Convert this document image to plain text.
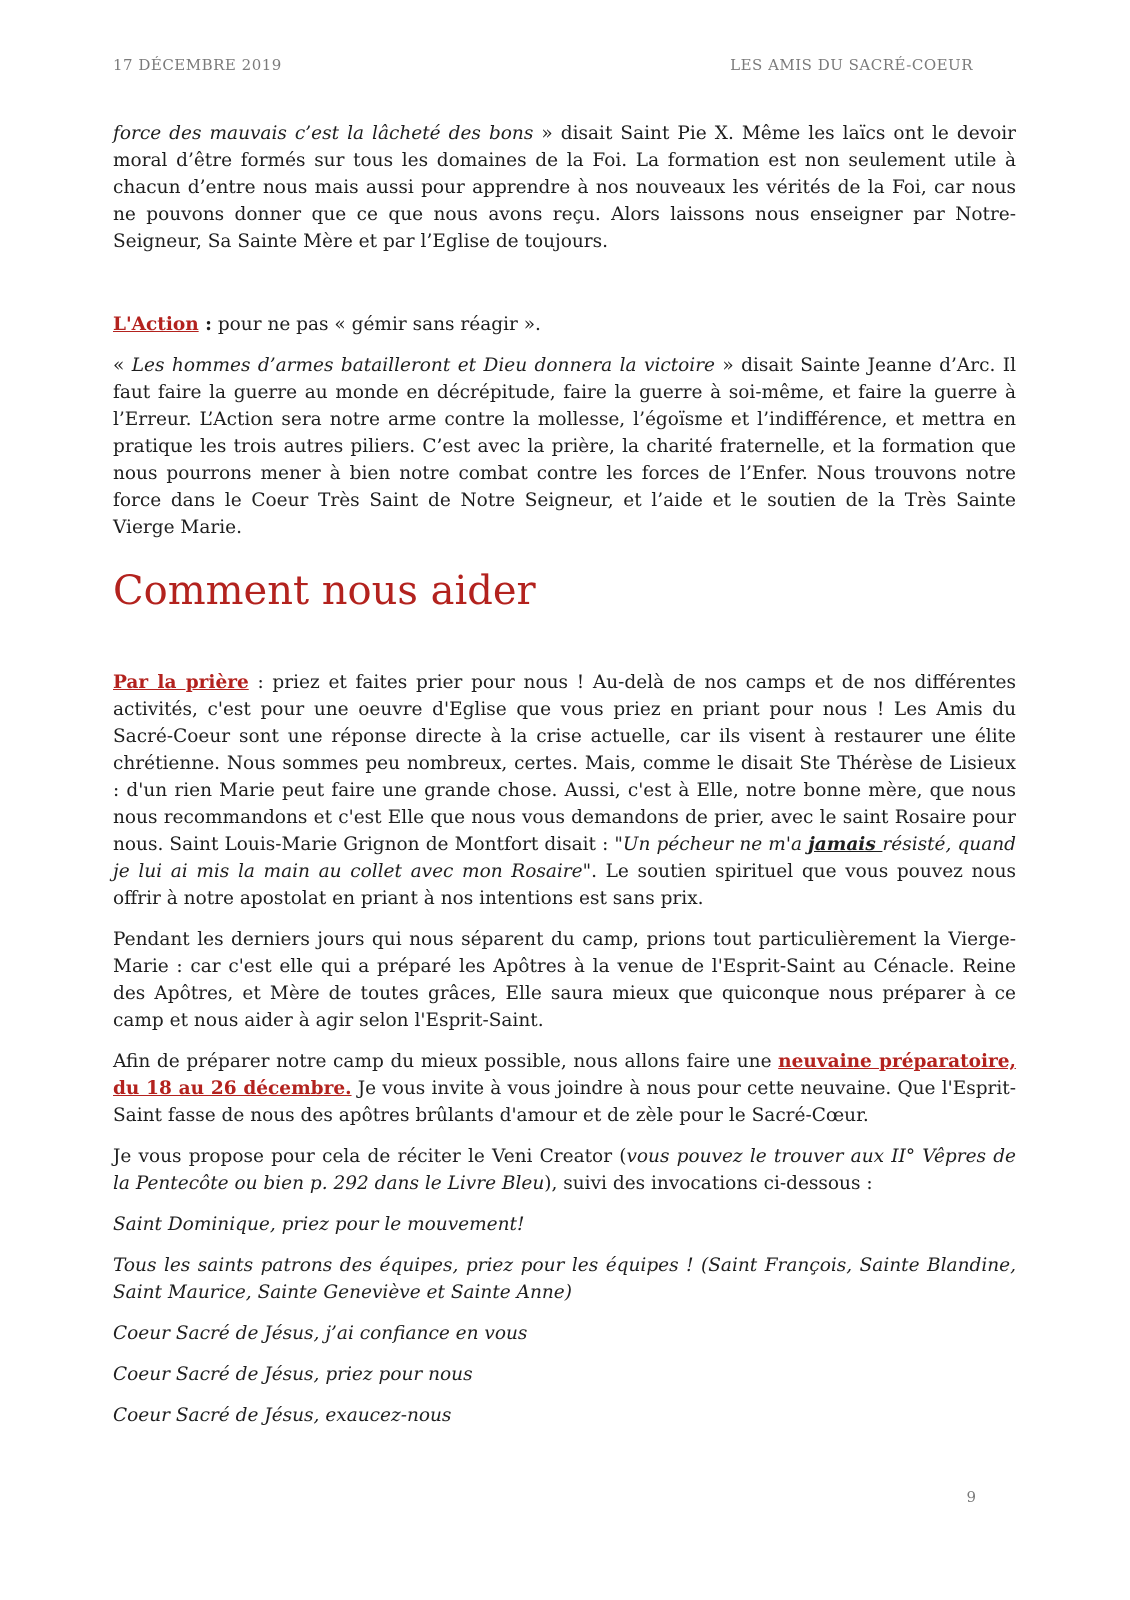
17 DÉCEMBRE 2019	LES AMIS DU SACRÉ-COEUR

force des mauvais c’est la lâcheté des bons » disait Saint Pie X. Même les laïcs ont le devoir moral d’être formés sur tous les domaines de la Foi. La formation est non seulement utile à chacun d’entre nous mais aussi pour apprendre à nos nouveaux les vérités de la Foi, car nous ne pouvons donner que ce que nous avons reçu. Alors laissons nous enseigner par Notre-Seigneur, Sa Sainte Mère et par l’Eglise de toujours.

L'Action : pour ne pas « gémir sans réagir ».

« Les hommes d’armes batailleront et Dieu donnera la victoire » disait Sainte Jeanne d’Arc. Il faut faire la guerre au monde en décrépitude, faire la guerre à soi-même, et faire la guerre à l’Erreur. L’Action sera notre arme contre la mollesse, l’égoïsme et l’indifférence, et mettra en pratique les trois autres piliers. C’est avec la prière, la charité fraternelle, et la formation que nous pourrons mener à bien notre combat contre les forces de l’Enfer. Nous trouvons notre force dans le Coeur Très Saint de Notre Seigneur, et l’aide et le soutien de la Très Sainte Vierge Marie.

Comment nous aider

Par la prière : priez et faites prier pour nous ! Au-delà de nos camps et de nos différentes activités, c'est pour une oeuvre d'Eglise que vous priez en priant pour nous ! Les Amis du Sacré-Coeur sont une réponse directe à la crise actuelle, car ils visent à restaurer une élite chrétienne. Nous sommes peu nombreux, certes. Mais, comme le disait Ste Thérèse de Lisieux : d'un rien Marie peut faire une grande chose. Aussi, c'est à Elle, notre bonne mère, que nous nous recommandons et c'est Elle que nous vous demandons de prier, avec le saint Rosaire pour nous. Saint Louis-Marie Grignon de Montfort disait : "Un pécheur ne m'a jamais résisté, quand je lui ai mis la main au collet avec mon Rosaire". Le soutien spirituel que vous pouvez nous offrir à notre apostolat en priant à nos intentions est sans prix.

Pendant les derniers jours qui nous séparent du camp, prions tout particulièrement la Vierge-Marie : car c'est elle qui a préparé les Apôtres à la venue de l'Esprit-Saint au Cénacle. Reine des Apôtres, et Mère de toutes grâces, Elle saura mieux que quiconque nous préparer à ce camp et nous aider à agir selon l'Esprit-Saint.

Afin de préparer notre camp du mieux possible, nous allons faire une neuvaine préparatoire, du 18 au 26 décembre. Je vous invite à vous joindre à nous pour cette neuvaine. Que l'Esprit-Saint fasse de nous des apôtres brûlants d'amour et de zèle pour le Sacré-Cœur.

Je vous propose pour cela de réciter le Veni Creator (vous pouvez le trouver aux II° Vêpres de la Pentecôte ou bien p. 292 dans le Livre Bleu), suivi des invocations ci-dessous :

Saint Dominique, priez pour le mouvement!

Tous les saints patrons des équipes, priez pour les équipes ! (Saint François, Sainte Blandine, Saint Maurice, Sainte Geneviève et Sainte Anne)

Coeur Sacré de Jésus, j’ai confiance en vous

Coeur Sacré de Jésus, priez pour nous

Coeur Sacré de Jésus, exaucez-nous

9
